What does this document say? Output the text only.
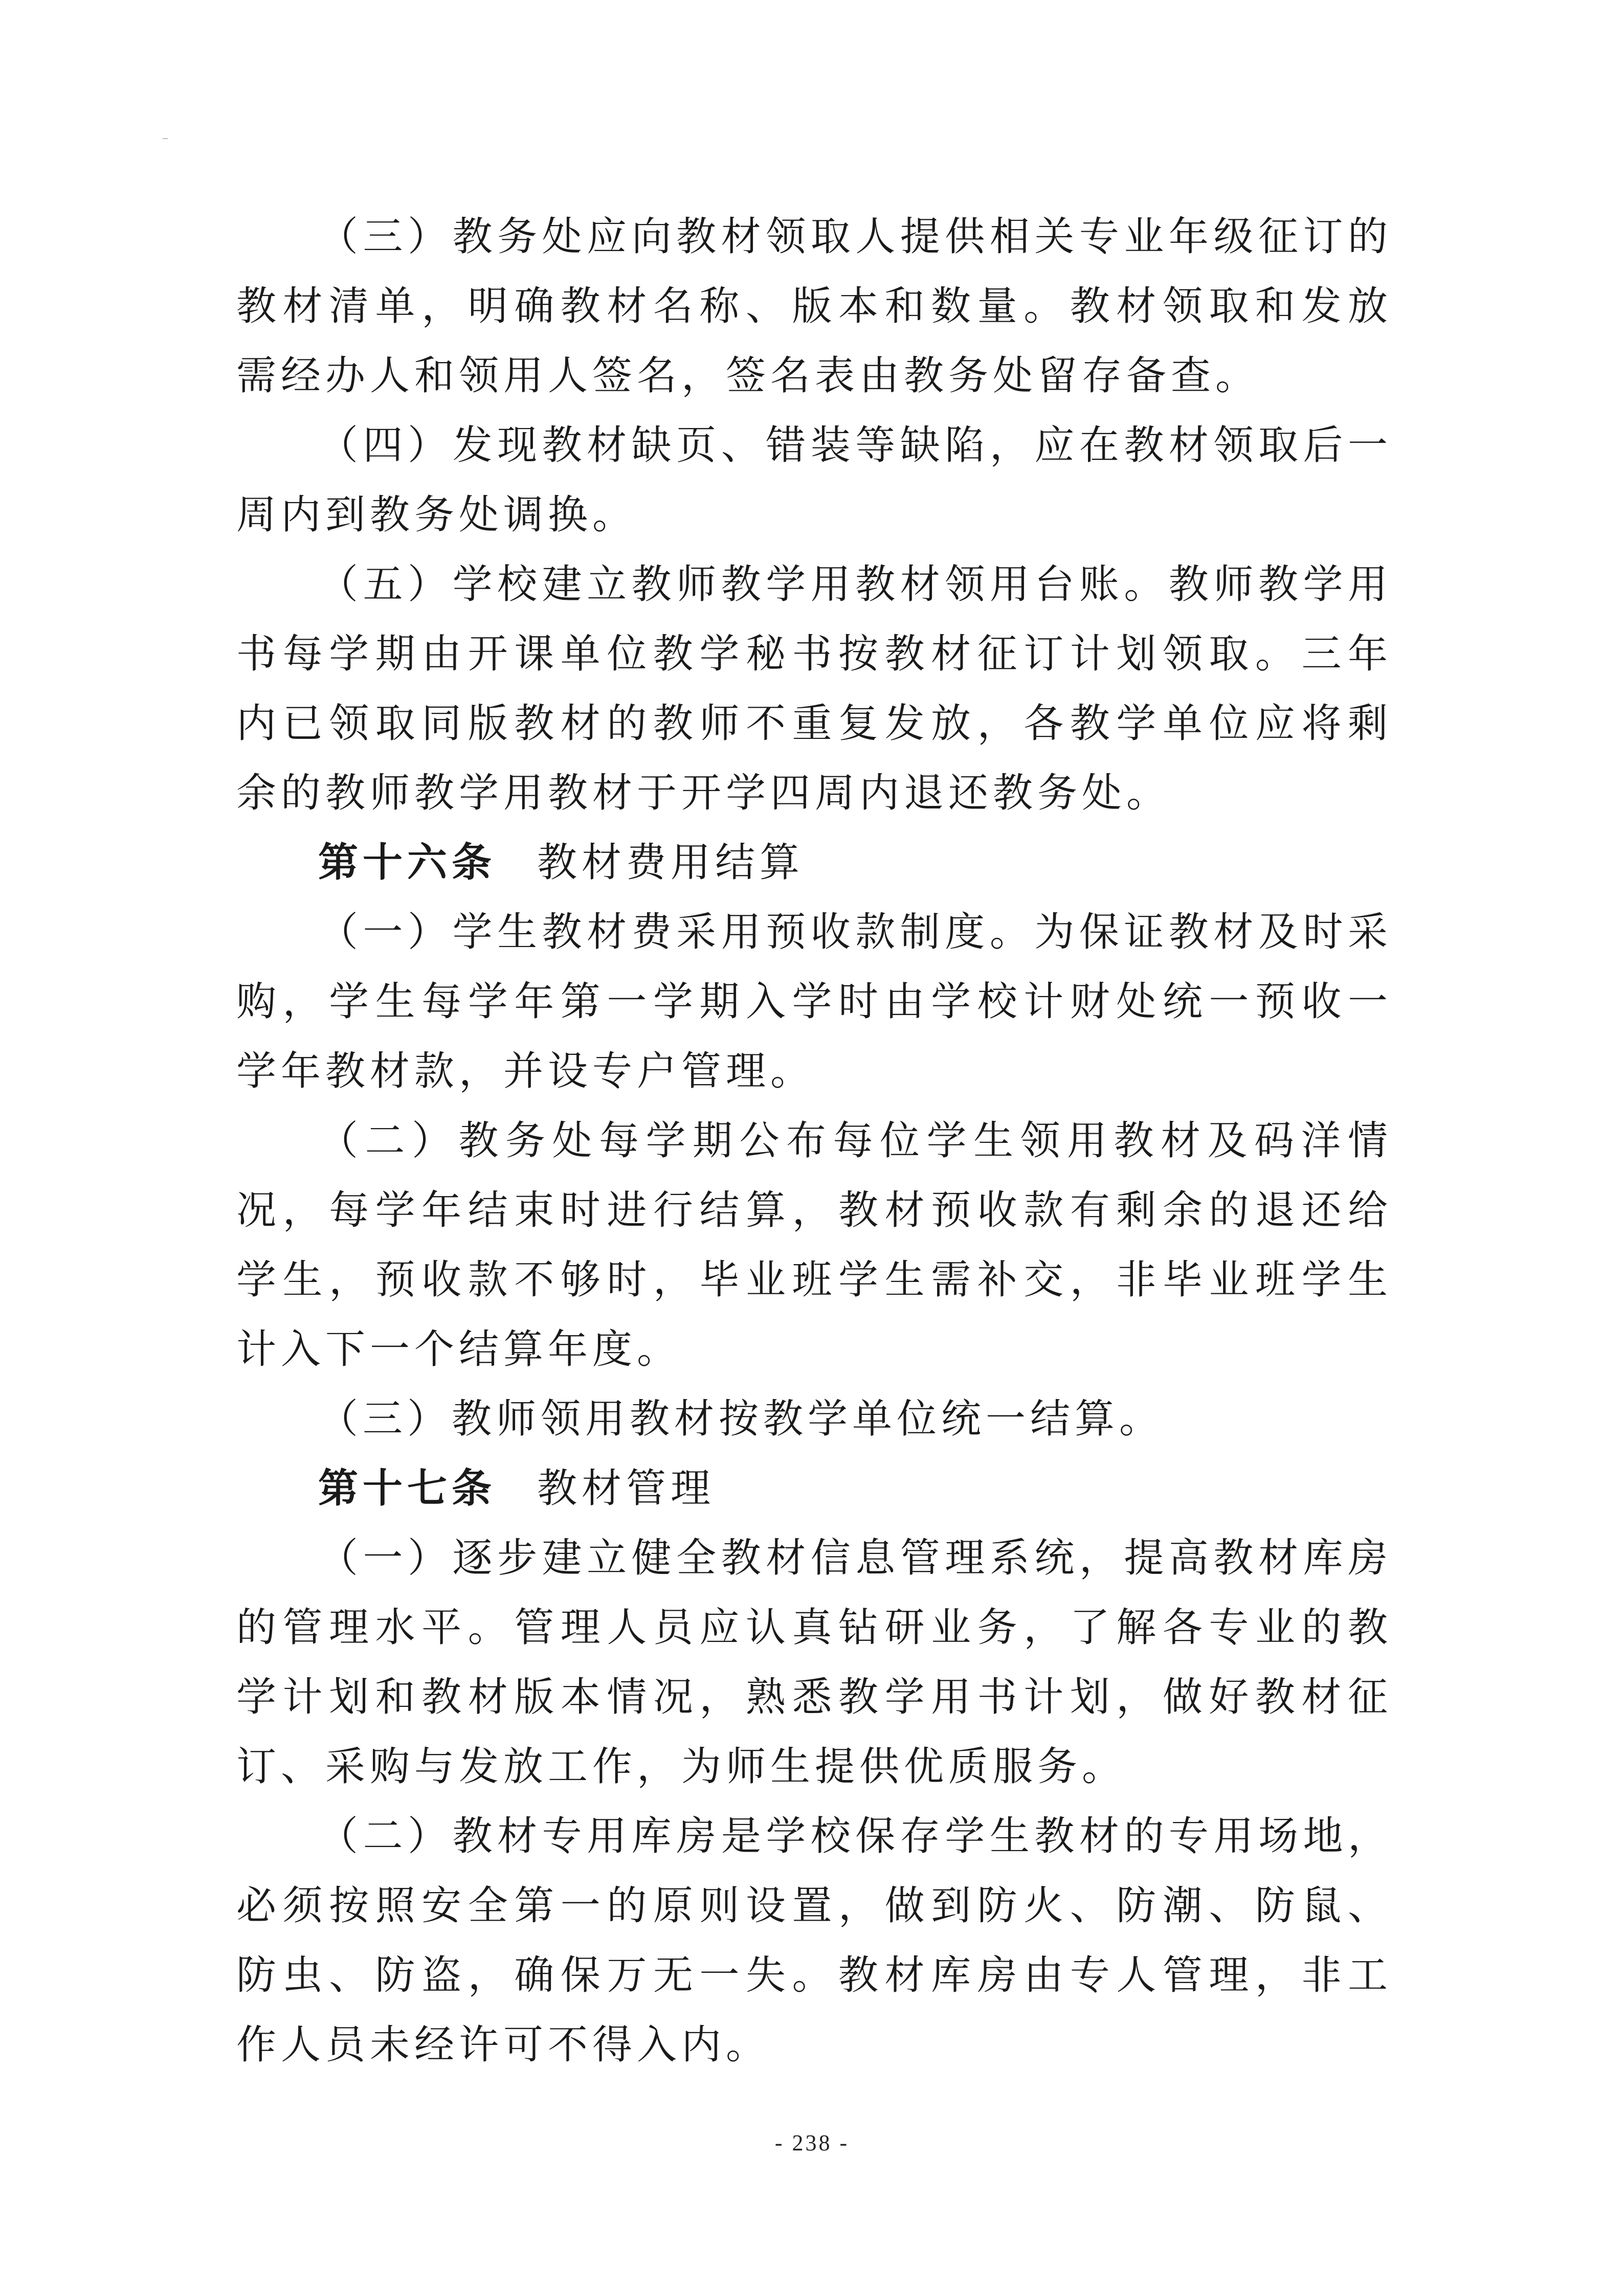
（三）教务处应向教材领取人提供相关专业年级征订的教材清单，明确教材名称、版本和数量。教材领取和发放需经办人和领用人签名，签名表由教务处留存备查。

（四）发现教材缺页、错装等缺陷，应在教材领取后一周内到教务处调换。

（五）学校建立教师教学用教材领用台账。教师教学用书每学期由开课单位教学秘书按教材征订计划领取。三年内已领取同版教材的教师不重复发放，各教学单位应将剩余的教师教学用教材于开学四周内退还教务处。

第十六条 教材费用结算

（一）学生教材费采用预收款制度。为保证教材及时采购，学生每学年第一学期入学时由学校计财处统一预收一学年教材款，并设专户管理。

（二）教务处每学期公布每位学生领用教材及码洋情况，每学年结束时进行结算，教材预收款有剩余的退还给学生，预收款不够时，毕业班学生需补交，非毕业班学生计入下一个结算年度。

（三）教师领用教材按教学单位统一结算。

第十七条 教材管理

（一）逐步建立健全教材信息管理系统，提高教材库房的管理水平。管理人员应认真钻研业务，了解各专业的教学计划和教材版本情况，熟悉教学用书计划，做好教材征订、采购与发放工作，为师生提供优质服务。

（二）教材专用库房是学校保存学生教材的专用场地，必须按照安全第一的原则设置，做到防火、防潮、防鼠、防虫、防盗，确保万无一失。教材库房由专人管理，非工作人员未经许可不得入内。

- 238 -
